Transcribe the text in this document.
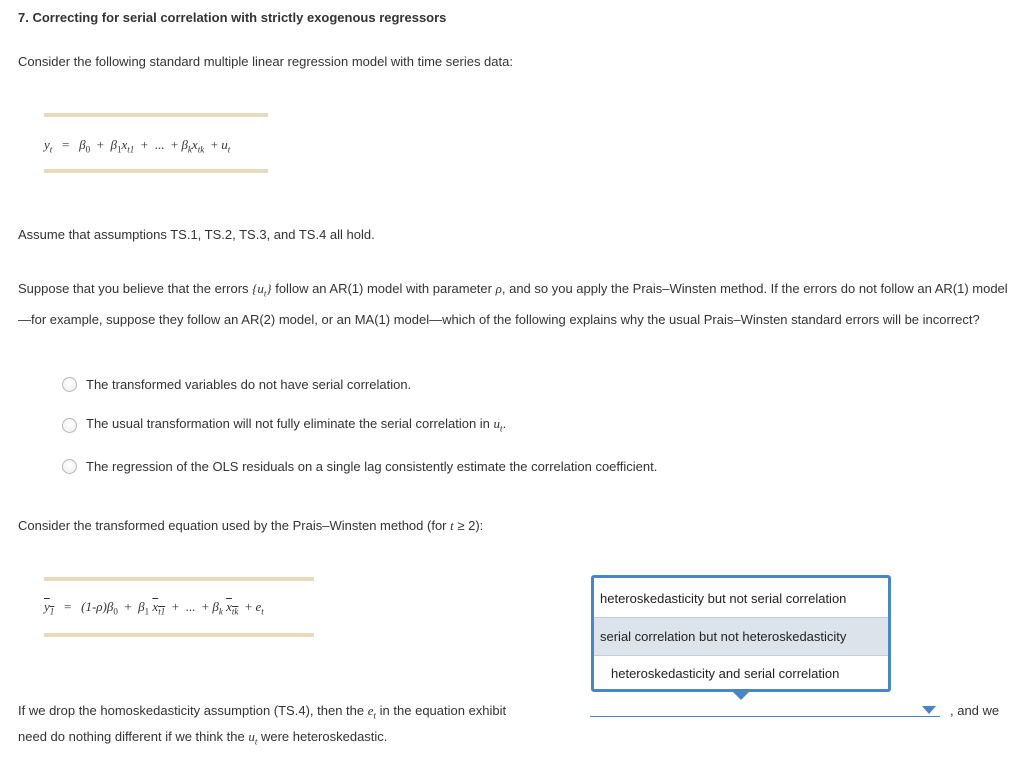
7. Correcting for serial correlation with strictly exogenous regressors
Consider the following standard multiple linear regression model with time series data:
$y_t = \beta_0 + \beta_1x_{t1}$ + ... + $\beta_kx_{tk} + u_t$
Assume that assumptions TS.1, TS.2, TS.3, and TS.4 all hold.
Suppose that you believe that the errors $\{u_t\}$ follow an AR(1) model with parameter ρ, and so you apply the Prais–Winsten method. If the errors do not follow an AR(1) model—for example, suppose they follow an AR(2) model, or an MA(1) model—which of the following explains why the usual Prais–Winsten standard errors will be incorrect?
The transformed variables do not have serial correlation.
The usual transformation will not fully eliminate the serial correlation in $u_t$.
The regression of the OLS residuals on a single lag consistently estimate the correlation coefficient.
Consider the transformed equation used by the Prais–Winsten method (for t ≥ 2):
$y_1 = (1-\rho)\beta_0 + \beta_1$ $x_{t1}$ + ... + $\beta_k$ $x_{tk} + e_t$
heteroskedasticity but not serial correlation
serial correlation but not heteroskedasticity
heteroskedasticity and serial correlation
If we drop the homoskedasticity assumption (TS.4), then the $e_t$ in the equation exhibit	, and we
need do nothing different if we think the $u_t$ were heteroskedastic.
